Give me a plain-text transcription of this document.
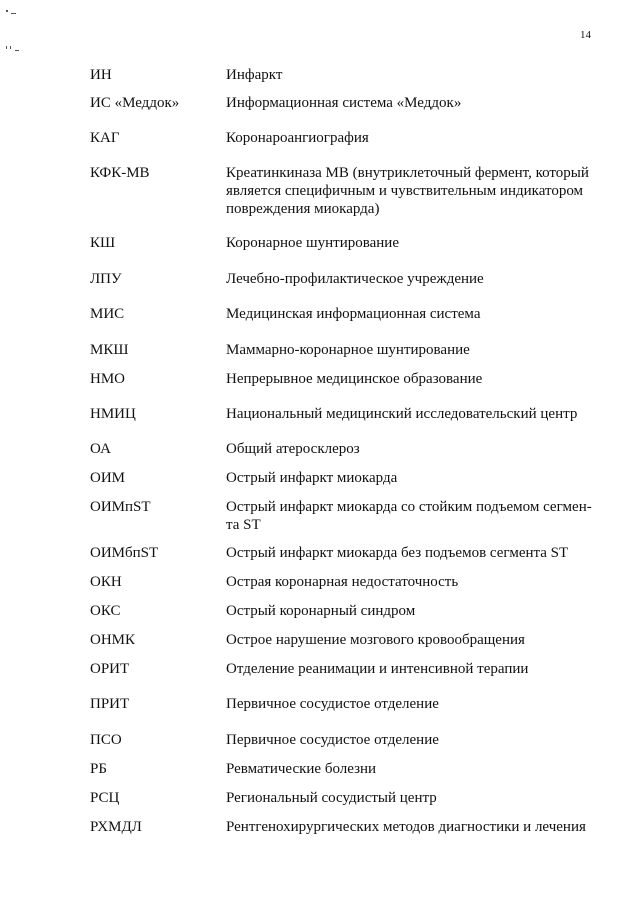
14
ИН	Инфаркт
ИС «Меддок»	Информационная система «Меддок»
КАГ	Коронароангиография
КФК-МВ	Креатинкиназа МВ (внутриклеточный фермент, который является специфичным и чувствительным индикатором повреждения миокарда)
КШ	Коронарное шунтирование
ЛПУ	Лечебно-профилактическое учреждение
МИС	Медицинская информационная система
МКШ	Маммарно-коронарное шунтирование
НМО	Непрерывное медицинское образование
НМИЦ	Национальный медицинский исследовательский центр
ОА	Общий атеросклероз
ОИМ	Острый инфаркт миокарда
ОИМпST	Острый инфаркт миокарда со стойким подъемом сегмен-та ST
ОИМбпST	Острый инфаркт миокарда без подъемов сегмента ST
ОКН	Острая коронарная недостаточность
ОКС	Острый коронарный синдром
ОНМК	Острое нарушение мозгового кровообращения
ОРИТ	Отделение реанимации и интенсивной терапии
ПРИТ	Первичное сосудистое отделение
ПСО	Первичное сосудистое отделение
РБ	Ревматические болезни
РСЦ	Региональный сосудистый центр
РХМДЛ	Рентгенохирургических методов диагностики и лечения
